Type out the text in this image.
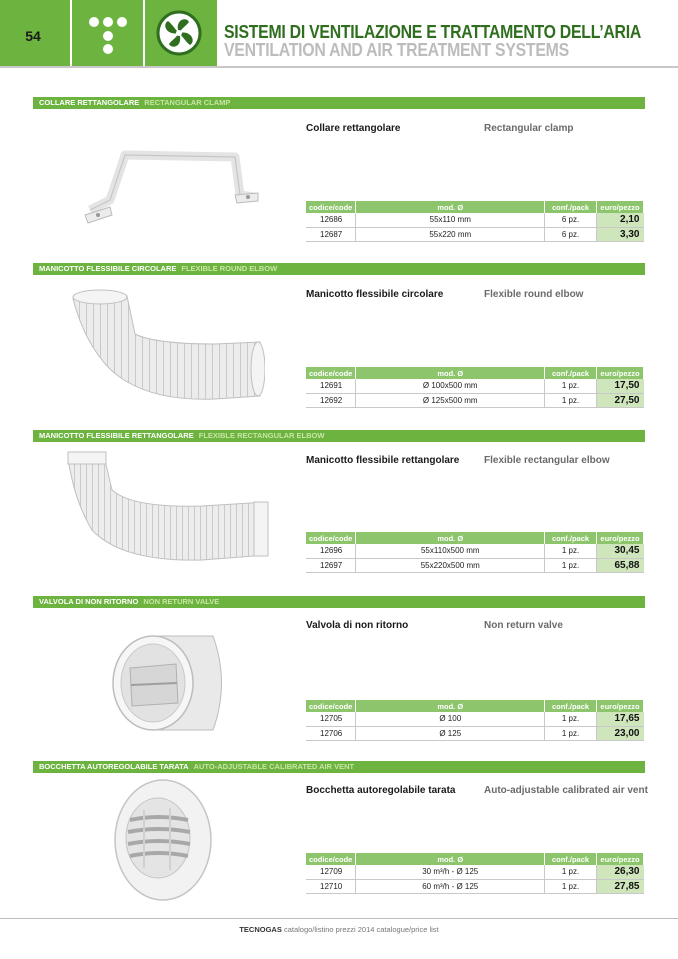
54	SISTEMI DI VENTILAZIONE E TRATTAMENTO DELL’ARIA
VENTILATION AND AIR TREATMENT SYSTEMS
COLLARE RETTANGOLARE RECTANGULAR CLAMP
Collare rettangolare	Rectangular clamp
codice/code	mod. Ø	conf./pack	euro/pezzo
12686	55x110 mm	6 pz.	2,10
12687	55x220 mm	6 pz.	3,30
MANICOTTO FLESSIBILE CIRCOLARE FLEXIBLE ROUND ELBOW
Manicotto flessibile circolare	Flexible round elbow
codice/code	mod. Ø	conf./pack	euro/pezzo
12691	Ø 100x500 mm	1 pz.	17,50
12692	Ø 125x500 mm	1 pz.	27,50
MANICOTTO FLESSIBILE RETTANGOLARE FLEXIBLE RECTANGULAR ELBOW
Manicotto flessibile rettangolare Flexible rectangular elbow
codice/code	mod. Ø	conf./pack	euro/pezzo
12696	55x110x500 mm	1 pz.	30,45
12697	55x220x500 mm	1 pz.	65,88
VALVOLA DI NON RITORNO NON RETURN VALVE
Valvola di non ritorno	Non return valve
codice/code	mod. Ø	conf./pack	euro/pezzo
12705	Ø 100	1 pz.	17,65
12706	Ø 125	1 pz.	23,00
BOCCHETTA AUTOREGOLABILE TARATA AUTO-ADJUSTABLE CALIBRATED AIR VENT
Bocchetta autoregolabile tarata	Auto-adjustable calibrated air vent
codice/code	mod. Ø	conf./pack	euro/pezzo
12709	30 m³/h - Ø 125	1 pz.	26,30
12710	60 m³/h - Ø 125	1 pz.	27,85
TECNOGAS catalogo/listino prezzi 2014 catalogue/price list
